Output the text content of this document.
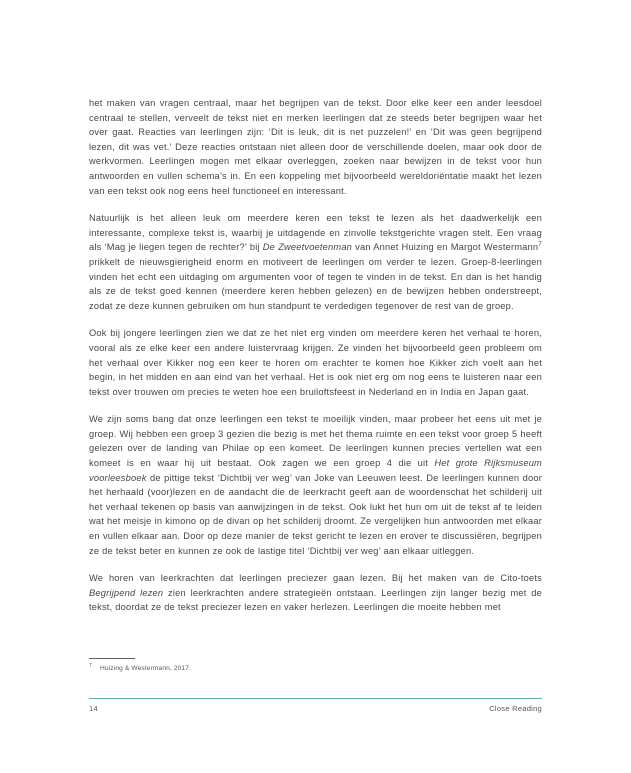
het maken van vragen centraal, maar het begrijpen van de tekst. Door elke keer een ander leesdoel centraal te stellen, verveelt de tekst niet en merken leerlingen dat ze steeds beter begrijpen waar het over gaat. Reacties van leerlingen zijn: ‘Dit is leuk, dit is net puzzelen!’ en ‘Dit was geen begrijpend lezen, dit was vet.’ Deze reacties ontstaan niet alleen door de verschillende doelen, maar ook door de werkvormen. Leerlingen mogen met elkaar overleggen, zoeken naar bewijzen in de tekst voor hun antwoorden en vullen schema’s in. En een koppeling met bijvoorbeeld wereldoriëntatie maakt het lezen van een tekst ook nog eens heel functioneel en interessant.

Natuurlijk is het alleen leuk om meerdere keren een tekst te lezen als het daadwerkelijk een interessante, complexe tekst is, waarbij je uitdagende en zinvolle tekstgerichte vragen stelt. Een vraag als ‘Mag je liegen tegen de rechter?’ bij De Zweetvoetenman van Annet Huizing en Margot Westermann$^7$ prikkelt de nieuwsgierigheid enorm en motiveert de leerlingen om verder te lezen. Groep-8-leerlingen vinden het echt een uitdaging om argumenten voor of tegen te vinden in de tekst. En dan is het handig als ze de tekst goed kennen (meerdere keren hebben gelezen) en de bewijzen hebben onderstreept, zodat ze deze kunnen gebruiken om hun standpunt te verdedigen tegenover de rest van de groep.

Ook bij jongere leerlingen zien we dat ze het niet erg vinden om meerdere keren het verhaal te horen, vooral als ze elke keer een andere luistervraag krijgen. Ze vinden het bijvoorbeeld geen probleem om het verhaal over Kikker nog een keer te horen om erachter te komen hoe Kikker zich voelt aan het begin, in het midden en aan eind van het verhaal. Het is ook niet erg om nog eens te luisteren naar een tekst over trouwen om precies te weten hoe een bruiloftsfeest in Nederland en in India en Japan gaat.

We zijn soms bang dat onze leerlingen een tekst te moeilijk vinden, maar probeer het eens uit met je groep. Wij hebben een groep 3 gezien die bezig is met het thema ruimte en een tekst voor groep 5 heeft gelezen over de landing van Philae op een komeet. De leerlingen kunnen precies vertellen wat een komeet is en waar hij uit bestaat. Ook zagen we een groep 4 die uit Het grote Rijksmuseum voorleesboek de pittige tekst ‘Dichtbij ver weg’ van Joke van Leeuwen leest. De leerlingen kunnen door het herhaald (voor)lezen en de aandacht die de leerkracht geeft aan de woordenschat het schilderij uit het verhaal tekenen op basis van aanwijzingen in de tekst. Ook lukt het hun om uit de tekst af te leiden wat het meisje in kimono op de divan op het schilderij droomt. Ze vergelijken hun antwoorden met elkaar en vullen elkaar aan. Door op deze manier de tekst gericht te lezen en erover te discussiëren, begrijpen ze de tekst beter en kunnen ze ook de lastige titel ‘Dichtbij ver weg’ aan elkaar uitleggen.

We horen van leerkrachten dat leerlingen preciezer gaan lezen. Bij het maken van de Cito-toets Begrijpend lezen zien leerkrachten andere strategieën ontstaan. Leerlingen zijn langer bezig met de tekst, doordat ze de tekst preciezer lezen en vaker herlezen. Leerlingen die moeite hebben met

7 Huizing & Westermann, 2017.
14	Close Reading
